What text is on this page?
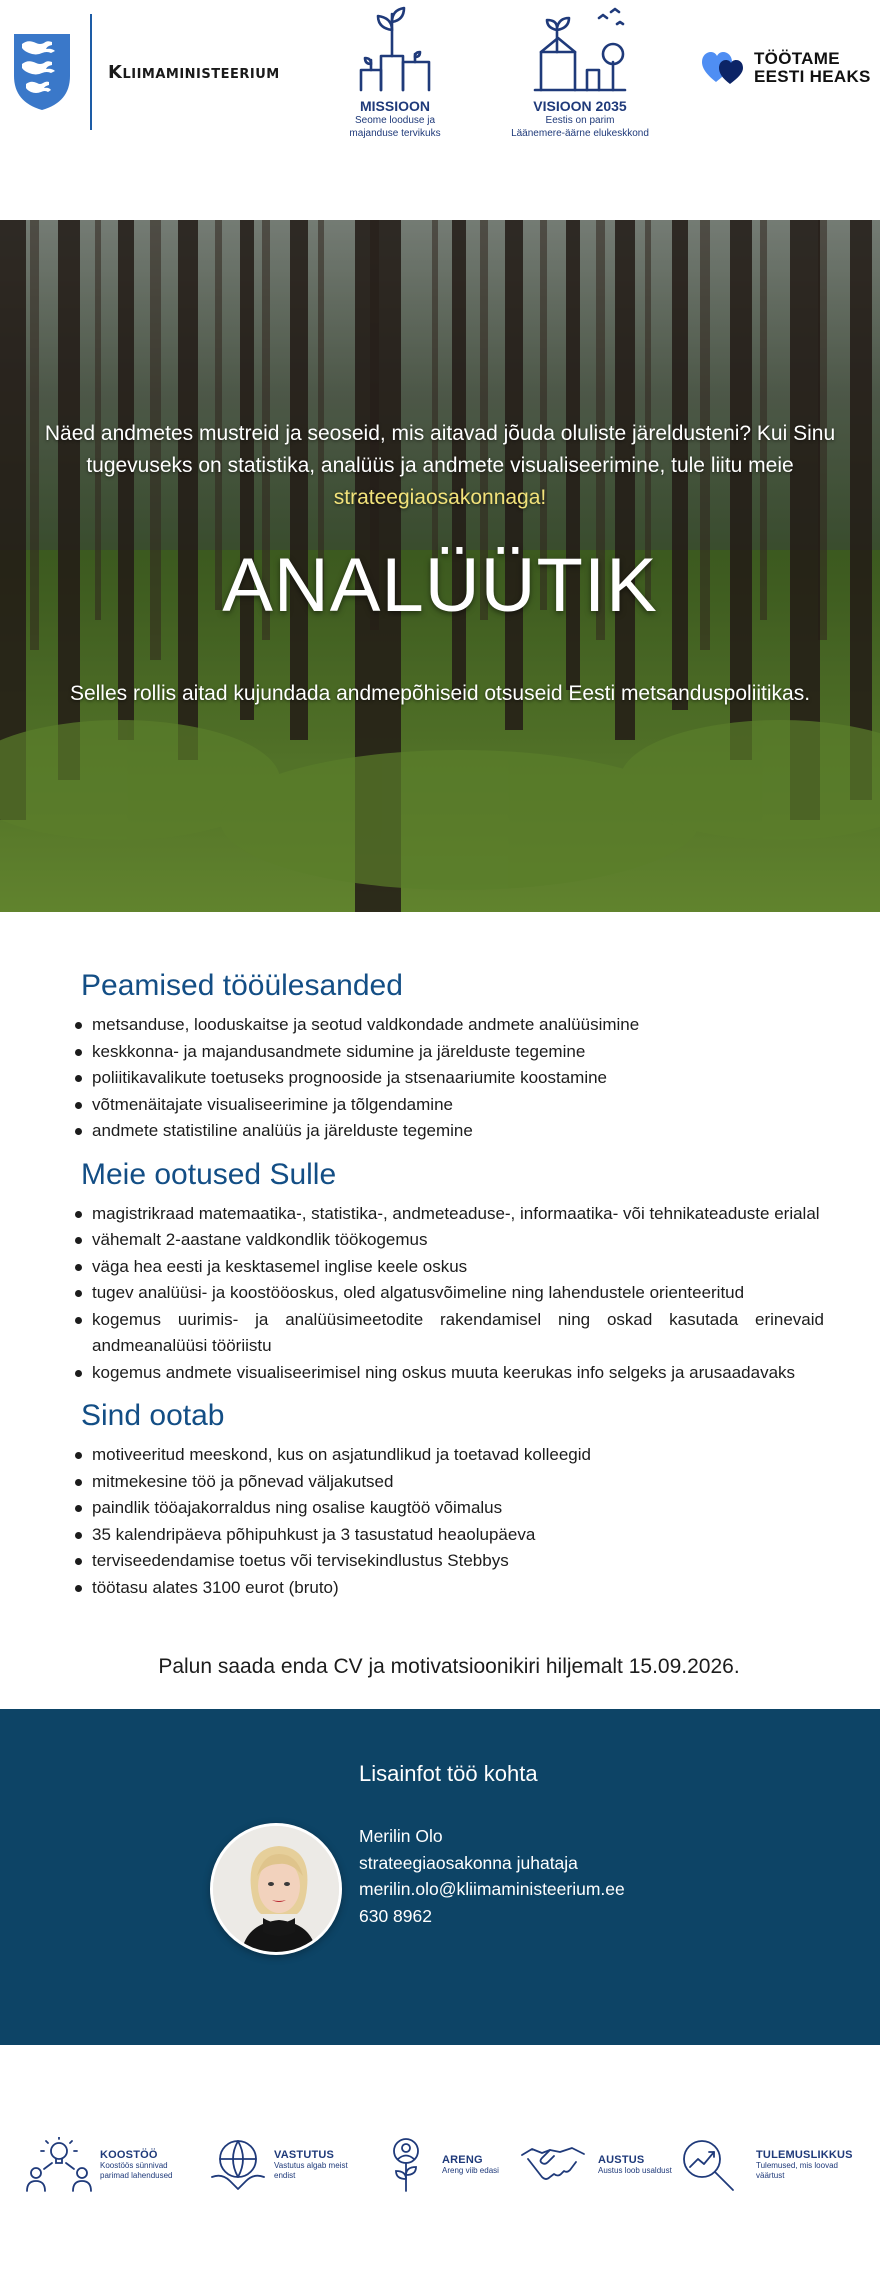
Kliimaministeerium
MISSIOON
Seome looduse ja
majanduse tervikuks
VISIOON 2035
Eestis on parim
Läänemere-äärne elukeskkond
TÖÖTAME
EESTI HEAKS

Näed andmetes mustreid ja seoseid, mis aitavad jõuda oluliste järeldusteni? Kui Sinu tugevuseks on statistika, analüüs ja andmete visualiseerimine, tule liitu meie strateegiaosakonnaga!

ANALÜÜTIK

Selles rollis aitad kujundada andmepõhiseid otsuseid Eesti metsanduspoliitikas.

Peamised tööülesanded
metsanduse, looduskaitse ja seotud valdkondade andmete analüüsimine
keskkonna- ja majandusandmete sidumine ja järelduste tegemine
poliitikavalikute toetuseks prognooside ja stsenaariumite koostamine
võtmenäitajate visualiseerimine ja tõlgendamine
andmete statistiline analüüs ja järelduste tegemine
Meie ootused Sulle
magistrikraad matemaatika-, statistika-, andmeteaduse-, informaatika- või tehnikateaduste erialal
vähemalt 2-aastane valdkondlik töökogemus
väga hea eesti ja kesktasemel inglise keele oskus
tugev analüüsi- ja koostööoskus, oled algatusvõimeline ning lahendustele orienteeritud
kogemus uurimis- ja analüüsimeetodite rakendamisel ning oskad kasutada erinevaid andmeanalüüsi tööriistu
kogemus andmete visualiseerimisel ning oskus muuta keerukas info selgeks ja arusaadavaks
Sind ootab
motiveeritud meeskond, kus on asjatundlikud ja toetavad kolleegid
mitmekesine töö ja põnevad väljakutsed
paindlik tööajakorraldus ning osalise kaugtöö võimalus
35 kalendripäeva põhipuhkust ja 3 tasustatud heaolupäeva
terviseedendamise toetus või tervisekindlustus Stebbys
töötasu alates 3100 eurot (bruto)

Palun saada enda CV ja motivatsioonikiri hiljemalt 15.09.2026.

Lisainfot töö kohta
Merilin Olo
strateegiaosakonna juhataja
merilin.olo@kliimaministeerium.ee
630 8962
KOOSTÖÖ
Koostöös sünnivad parimad lahendused
VASTUTUS
Vastutus algab meist endist
ARENG
Areng viib edasi
AUSTUS
Austus loob usaldust
TULEMUSLIKKUS
Tulemused, mis loovad väärtust
